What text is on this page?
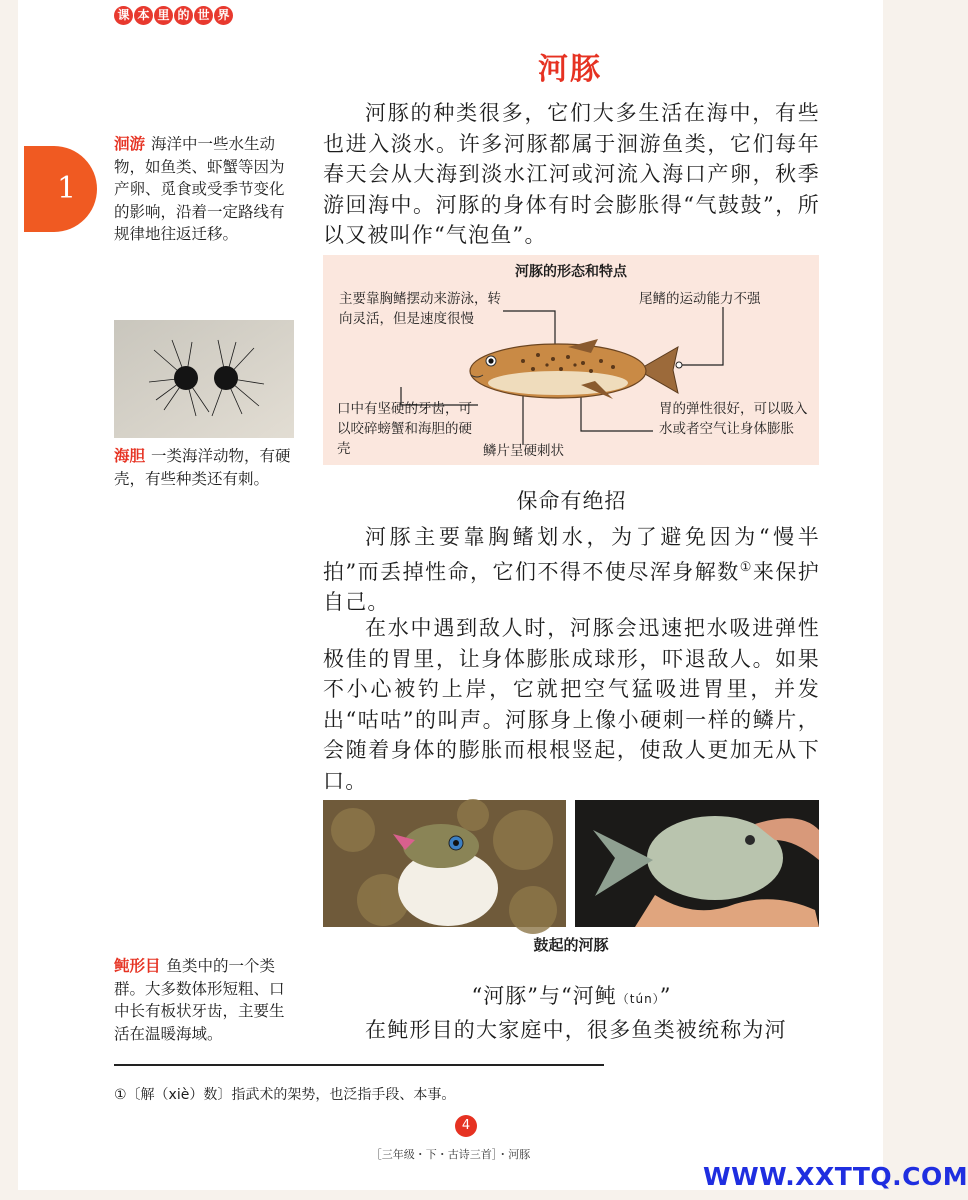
课 本 里 的 世 界
1
河豚
洄游 海洋中一些水生动物，如鱼类、虾蟹等因为产卵、觅食或受季节变化的影响，沿着一定路线有规律地往返迁移。
海胆 一类海洋动物，有硬壳，有些种类还有刺。
鲀形目 鱼类中的一个类群。大多数体形短粗、口中长有板状牙齿，主要生活在温暖海域。

河豚的种类很多，它们大多生活在海中，有些也进入淡水。许多河豚都属于洄游鱼类，它们每年春天会从大海到淡水江河或河流入海口产卵，秋季游回海中。河豚的身体有时会膨胀得“气鼓鼓”，所以又被叫作“气泡鱼”。

河豚的形态和特点
主要靠胸鳍摆动来游泳，转向灵活，但是速度很慢
尾鳍的运动能力不强
口中有坚硬的牙齿，可以咬碎螃蟹和海胆的硬壳	鳞片呈硬刺状
胃的弹性很好，可以吸入水或者空气让身体膨胀
保命有绝招

河豚主要靠胸鳍划水，为了避免因为“慢半拍”而丢掉性命，它们不得不使尽浑身解数①来保护自己。

在水中遇到敌人时，河豚会迅速把水吸进弹性极佳的胃里，让身体膨胀成球形，吓退敌人。如果不小心被钓上岸，它就把空气猛吸进胃里，并发出“咕咕”的叫声。河豚身上像小硬刺一样的鳞片，会随着身体的膨胀而根根竖起，使敌人更加无从下口。

鼓起的河豚
“河豚”与“河鲀（tún）”

在鲀形目的大家庭中，很多鱼类被统称为河

①〔解（xiè）数〕指武术的架势，也泛指手段、本事。
4
［三年级・下・古诗三首］・河豚
WWW.XXTTQ.COM
